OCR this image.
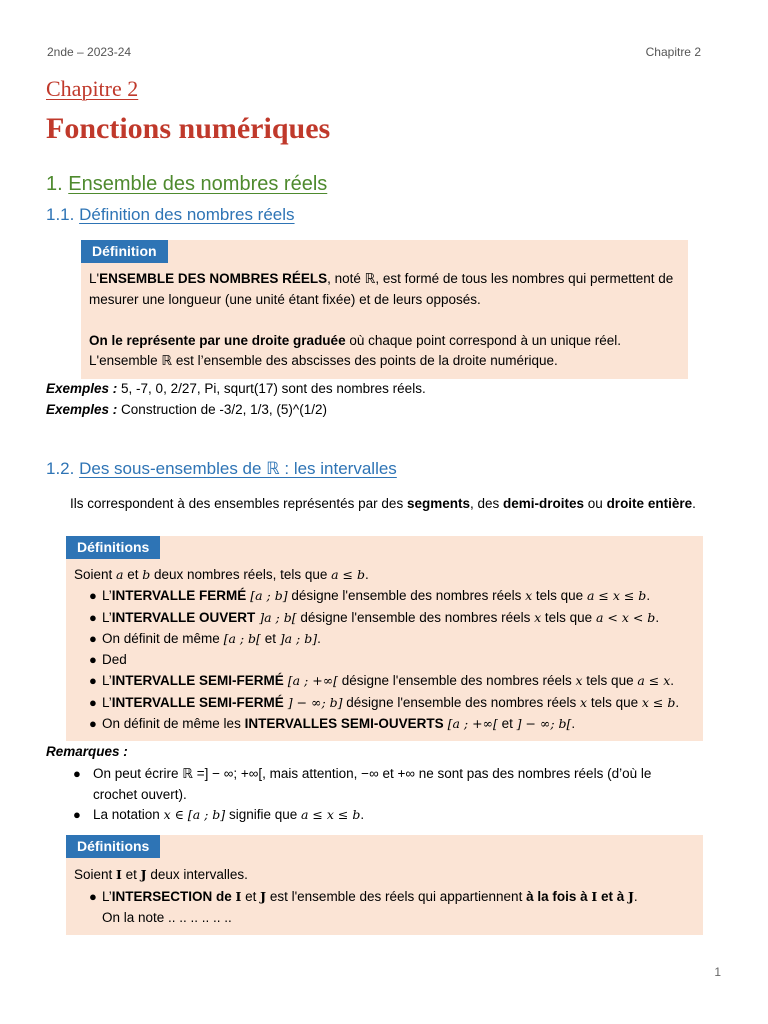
2nde – 2023-24	Chapitre 2
Chapitre 2
Fonctions numériques
1. Ensemble des nombres réels
1.1. Définition des nombres réels
Définition
L'ENSEMBLE DES NOMBRES RÉELS, noté ℝ, est formé de tous les nombres qui permettent de
mesurer une longueur (une unité étant fixée) et de leurs opposés.
On le représente par une droite graduée où chaque point correspond à un unique réel.
L'ensemble ℝ est l’ensemble des abscisses des points de la droite numérique.
Exemples : 5, -7, 0, 2/27, Pi, squrt(17) sont des nombres réels.
Exemples : Construction de -3/2, 1/3, (5)^(1/2)
1.2. Des sous-ensembles de ℝ : les intervalles
Ils correspondent à des ensembles représentés par des segments, des demi-droites ou droite entière.
Définitions
Soient a et b deux nombres réels, tels que a ≤ b.
● L’INTERVALLE FERMÉ [a ; b] désigne l'ensemble des nombres réels x tels que a ≤ x ≤ b.
● L’INTERVALLE OUVERT ]a ; b[ désigne l'ensemble des nombres réels x tels que a < x < b.
● On définit de même [a ; b[ et ]a ; b].
● Ded
● L’INTERVALLE SEMI-FERMÉ [a ; +∞[ désigne l'ensemble des nombres réels x tels que a ≤ x.
● L’INTERVALLE SEMI-FERMÉ ] − ∞; b] désigne l'ensemble des nombres réels x tels que x ≤ b.
● On définit de même les INTERVALLES SEMI-OUVERTS [a ; +∞[ et ] − ∞; b[.
Remarques :
● On peut écrire ℝ =] − ∞; +∞[, mais attention, −∞ et +∞ ne sont pas des nombres réels (d’où le
crochet ouvert).
● La notation x ∈ [a ; b] signifie que a ≤ x ≤ b.
Définitions
Soient I et J deux intervalles.
● L’INTERSECTION de I et J est l'ensemble des réels qui appartiennent à la fois à I et à J.
On la note .. .. .. .. .. ..
1
